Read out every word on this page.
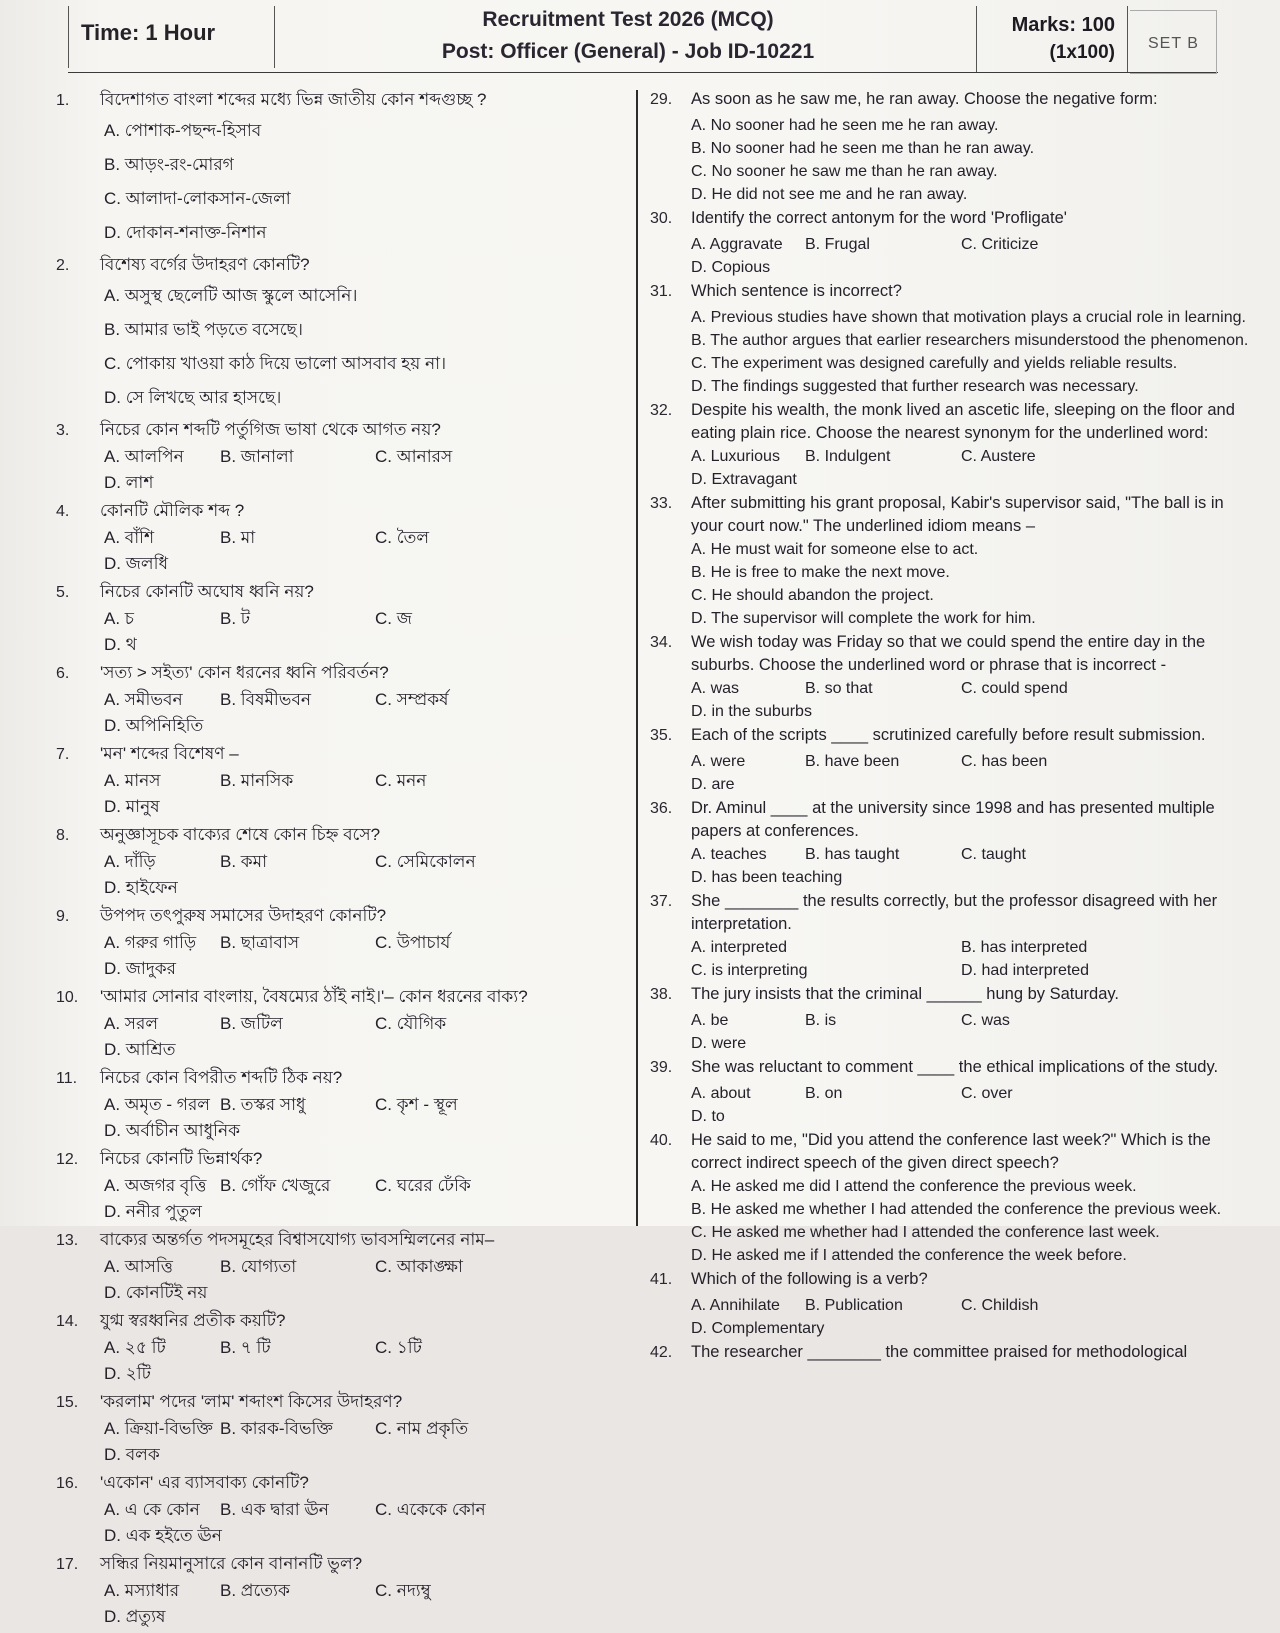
Time: 1 Hour
Recruitment Test 2026 (MCQ)
Post: Officer (General) - Job ID-10221
Marks: 100
(1x100) SET B
1.	বিদেশাগত বাংলা শব্দের মধ্যে ভিন্ন জাতীয় কোন শব্দগুচ্ছ ?
A. পোশাক-পছন্দ-হিসাব
B. আড়ং-রং-মোরগ
C. আলাদা-লোকসান-জেলা
D. দোকান-শনাক্ত-নিশান
2.	বিশেষ্য বর্গের উদাহরণ কোনটি?
A. অসুস্থ ছেলেটি আজ স্কুলে আসেনি।
B. আমার ভাই পড়তে বসেছে।
C. পোকায় খাওয়া কাঠ দিয়ে ভালো আসবাব হয় না।
D. সে লিখছে আর হাসছে।
3.	নিচের কোন শব্দটি পর্তুগিজ ভাষা থেকে আগত নয়?
A. আলপিন	B. জানালা	C. আনারস
D. লাশ
4.	কোনটি মৌলিক শব্দ ?
A. বাঁশি	B. মা	C. তৈল
D. জলধি
5.	নিচের কোনটি অঘোষ ধ্বনি নয়?
A. চ	B. ট	C. জ
D. থ
6.	'সত্য > সইত্য' কোন ধরনের ধ্বনি পরিবর্তন?
A. সমীভবন	B. বিষমীভবন	C. সম্প্রকর্ষ
D. অপিনিহিতি
7.	'মন' শব্দের বিশেষণ –
A. মানস	B. মানসিক	C. মনন
D. মানুষ
8.	অনুজ্ঞাসূচক বাক্যের শেষে কোন চিহ্ন বসে?
A. দাঁড়ি	B. কমা	C. সেমিকোলন
D. হাইফেন
9.	উপপদ তৎপুরুষ সমাসের উদাহরণ কোনটি?
A. গরুর গাড়ি	B. ছাত্রাবাস	C. উপাচার্য
D. জাদুকর
10.	'আমার সোনার বাংলায়, বৈষম্যের ঠাঁই নাই।'– কোন ধরনের বাক্য?
A. সরল	B. জটিল	C. যৌগিক
D. আশ্রিত
11.	নিচের কোন বিপরীত শব্দটি ঠিক নয়?
A. অমৃত - গরল B. তস্কর সাধু	C. কৃশ - স্থূল
D. অর্বাচীন আধুনিক
12.	নিচের কোনটি ভিন্নার্থক?
A. অজগর বৃত্তি B. গোঁফ খেজুরে	C. ঘরের ঢেঁকি
D. ননীর পুতুল
13.	বাক্যের অন্তর্গত পদসমূহের বিশ্বাসযোগ্য ভাবসম্মিলনের নাম–
A. আসত্তি	B. যোগ্যতা	C. আকাঙ্ক্ষা
D. কোনটিই নয়
14.	যুগ্ম স্বরধ্বনির প্রতীক কয়টি?
A. ২৫ টি	B. ৭ টি	C. ১টি
D. ২টি
15.	'করলাম' পদের 'লাম' শব্দাংশ কিসের উদাহরণ?
A. ক্রিয়া-বিভক্তি B. কারক-বিভক্তি	C. নাম প্রকৃতি
D. বলক
16.	'একোন' এর ব্যাসবাক্য কোনটি?
A. এ কে কোন	B. এক দ্বারা ঊন	C. একেকে কোন
D. এক হইতে ঊন
17.	সন্ধির নিয়মানুসারে কোন বানানটি ভুল?
A. মস্যাধার	B. প্রত্যেক	C. নদ্যম্বু
D. প্রত্যুষ
29.	As soon as he saw me, he ran away. Choose the negative form:
A. No sooner had he seen me he ran away.
B. No sooner had he seen me than he ran away.
C. No sooner he saw me than he ran away.
D. He did not see me and he ran away.
30.	Identify the correct antonym for the word 'Profligate'
A. Aggravate	B. Frugal	C. Criticize
D. Copious
31.	Which sentence is incorrect?
A. Previous studies have shown that motivation plays a crucial role in learning.
B. The author argues that earlier researchers misunderstood the phenomenon.
C. The experiment was designed carefully and yields reliable results.
D. The findings suggested that further research was necessary.
32.	Despite his wealth, the monk lived an ascetic life, sleeping on the floor and eating plain rice. Choose the nearest synonym for the underlined word:
A. Luxurious	B. Indulgent	C. Austere
D. Extravagant
33.	After submitting his grant proposal, Kabir's supervisor said, "The ball is in your court now." The underlined idiom means –
A. He must wait for someone else to act.
B. He is free to make the next move.
C. He should abandon the project.
D. The supervisor will complete the work for him.
34.	We wish today was Friday so that we could spend the entire day in the suburbs. Choose the underlined word or phrase that is incorrect -
A. was	B. so that	C. could spend
D. in the suburbs
35.	Each of the scripts ____ scrutinized carefully before result submission.
A. were	B. have been	C. has been
D. are
36.	Dr. Aminul ____ at the university since 1998 and has presented multiple papers at conferences.
A. teaches	B. has taught	C. taught
D. has been teaching
37.	She ________ the results correctly, but the professor disagreed with her interpretation.
A. interpreted	B. has interpreted
C. is interpreting	D. had interpreted
38.	The jury insists that the criminal ______ hung by Saturday.
A. be	B. is	C. was
D. were
39.	She was reluctant to comment ____ the ethical implications of the study.
A. about	B. on	C. over
D. to
40.	He said to me, "Did you attend the conference last week?" Which is the correct indirect speech of the given direct speech?
A. He asked me did I attend the conference the previous week.
B. He asked me whether I had attended the conference the previous week.
C. He asked me whether had I attended the conference last week.
D. He asked me if I attended the conference the week before.
41.	Which of the following is a verb?
A. Annihilate	B. Publication	C. Childish
D. Complementary
42.	The researcher ________ the committee praised for methodological
